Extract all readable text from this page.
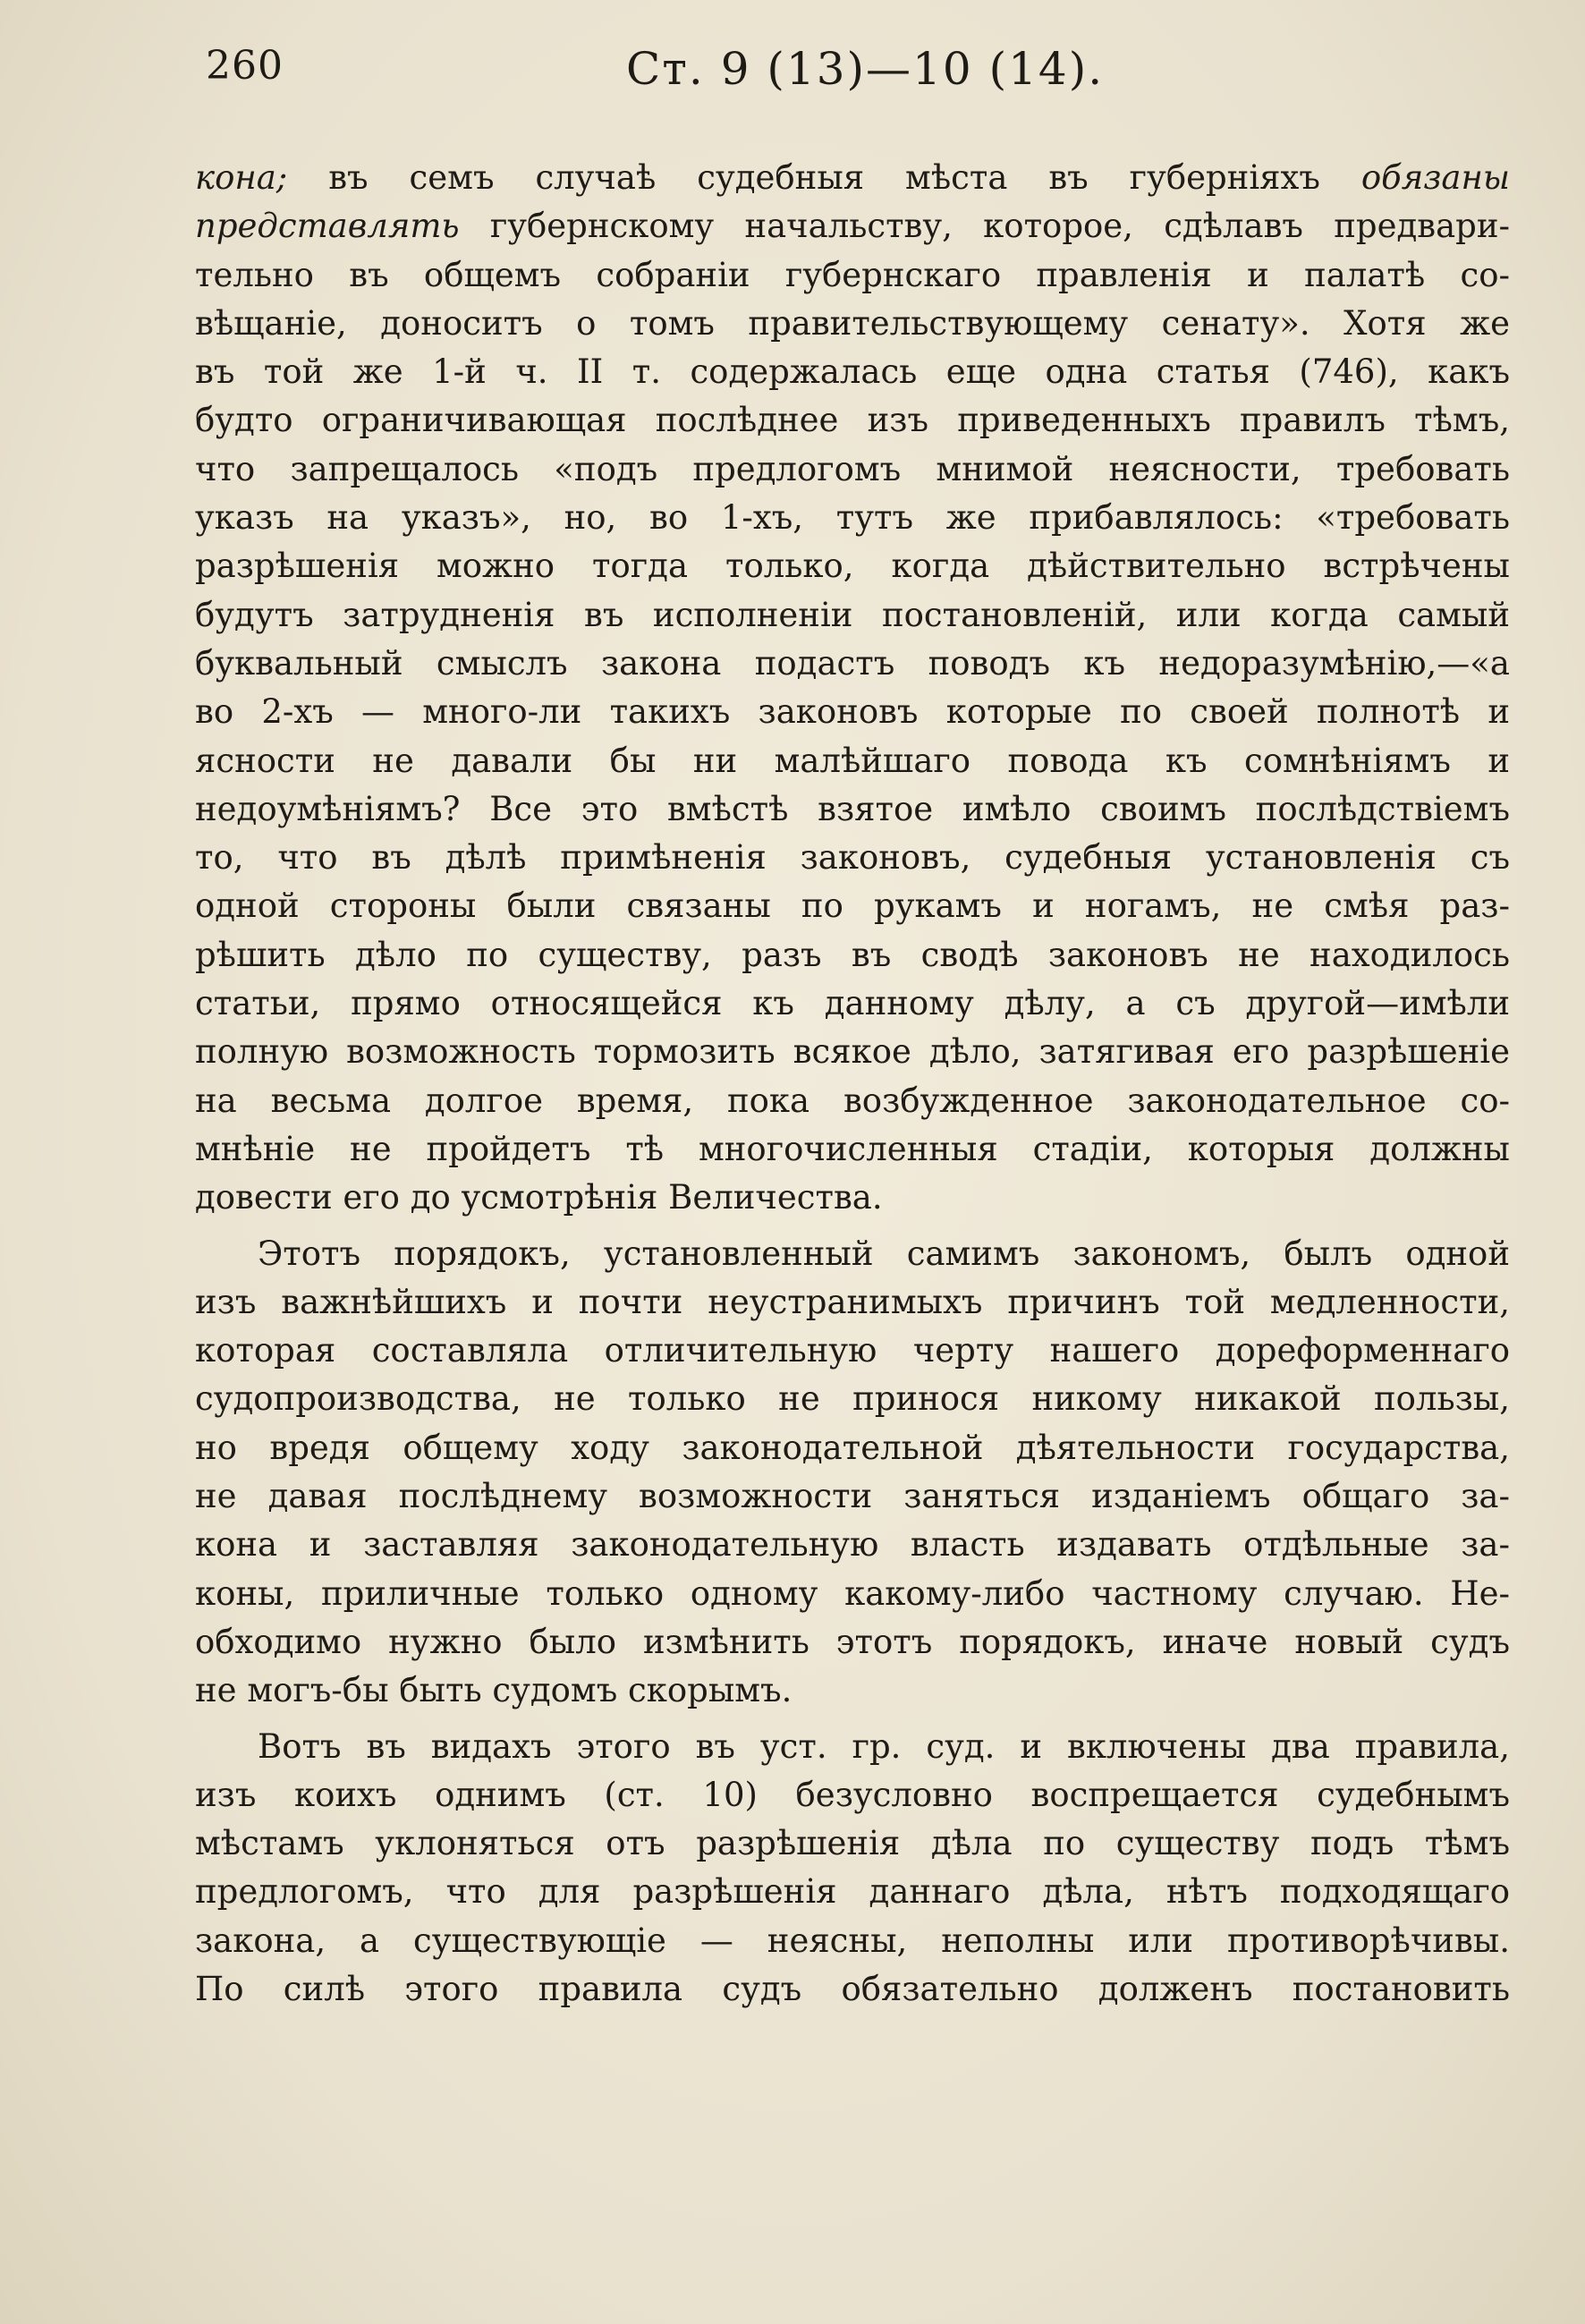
260	Ст. 9 (13)—10 (14).
кона; въ семъ случаѣ судебныя мѣста въ губерніяхъ обязаны
представлять губернскому начальству, которое, сдѣлавъ предвари-
тельно въ общемъ собраніи губернскаго правленія и палатѣ со-
вѣщаніе, доноситъ о томъ правительствующему сенату». Хотя же
въ той же 1-й ч. II т. содержалась еще одна статья (746), какъ
будто ограничивающая послѣднее изъ приведенныхъ правилъ тѣмъ,
что запрещалось «подъ предлогомъ мнимой неясности, требовать
указъ на указъ», но, во 1-хъ, тутъ же прибавлялось: «требовать
разрѣшенія можно тогда только, когда дѣйствительно встрѣчены
будутъ затрудненія въ исполненіи постановленій, или когда самый
буквальный смыслъ закона подастъ поводъ къ недоразумѣнію,—«а
во 2-хъ — много-ли такихъ законовъ которые по своей полнотѣ и
ясности не давали бы ни малѣйшаго повода къ сомнѣніямъ и
недоумѣніямъ? Все это вмѣстѣ взятое имѣло своимъ послѣдствіемъ
то, что въ дѣлѣ примѣненія законовъ, судебныя установленія съ
одной стороны были связаны по рукамъ и ногамъ, не смѣя раз-
рѣшить дѣло по существу, разъ въ сводѣ законовъ не находилось
статьи, прямо относящейся къ данному дѣлу, а съ другой—имѣли
полную возможность тормозить всякое дѣло, затягивая его разрѣшеніе
на весьма долгое время, пока возбужденное законодательное со-
мнѣніе не пройдетъ тѣ многочисленныя стадіи, которыя должны
довести его до усмотрѣнія Величества.
Этотъ порядокъ, установленный самимъ закономъ, былъ одной
изъ важнѣйшихъ и почти неустранимыхъ причинъ той медленности,
которая составляла отличительную черту нашего дореформеннаго
судопроизводства, не только не принося никому никакой пользы,
но вредя общему ходу законодательной дѣятельности государства,
не давая послѣднему возможности заняться изданіемъ общаго за-
кона и заставляя законодательную власть издавать отдѣльные за-
коны, приличные только одному какому-либо частному случаю. Не-
обходимо нужно было измѣнить этотъ порядокъ, иначе новый судъ
не могъ-бы быть судомъ скорымъ.
Вотъ въ видахъ этого въ уст. гр. суд. и включены два правила,
изъ коихъ однимъ (ст. 10) безусловно воспрещается судебнымъ
мѣстамъ уклоняться отъ разрѣшенія дѣла по существу подъ тѣмъ
предлогомъ, что для разрѣшенія даннаго дѣла, нѣтъ подходящаго
закона, а существующіе — неясны, неполны или противорѣчивы.
По силѣ этого правила судъ обязательно долженъ постановить
